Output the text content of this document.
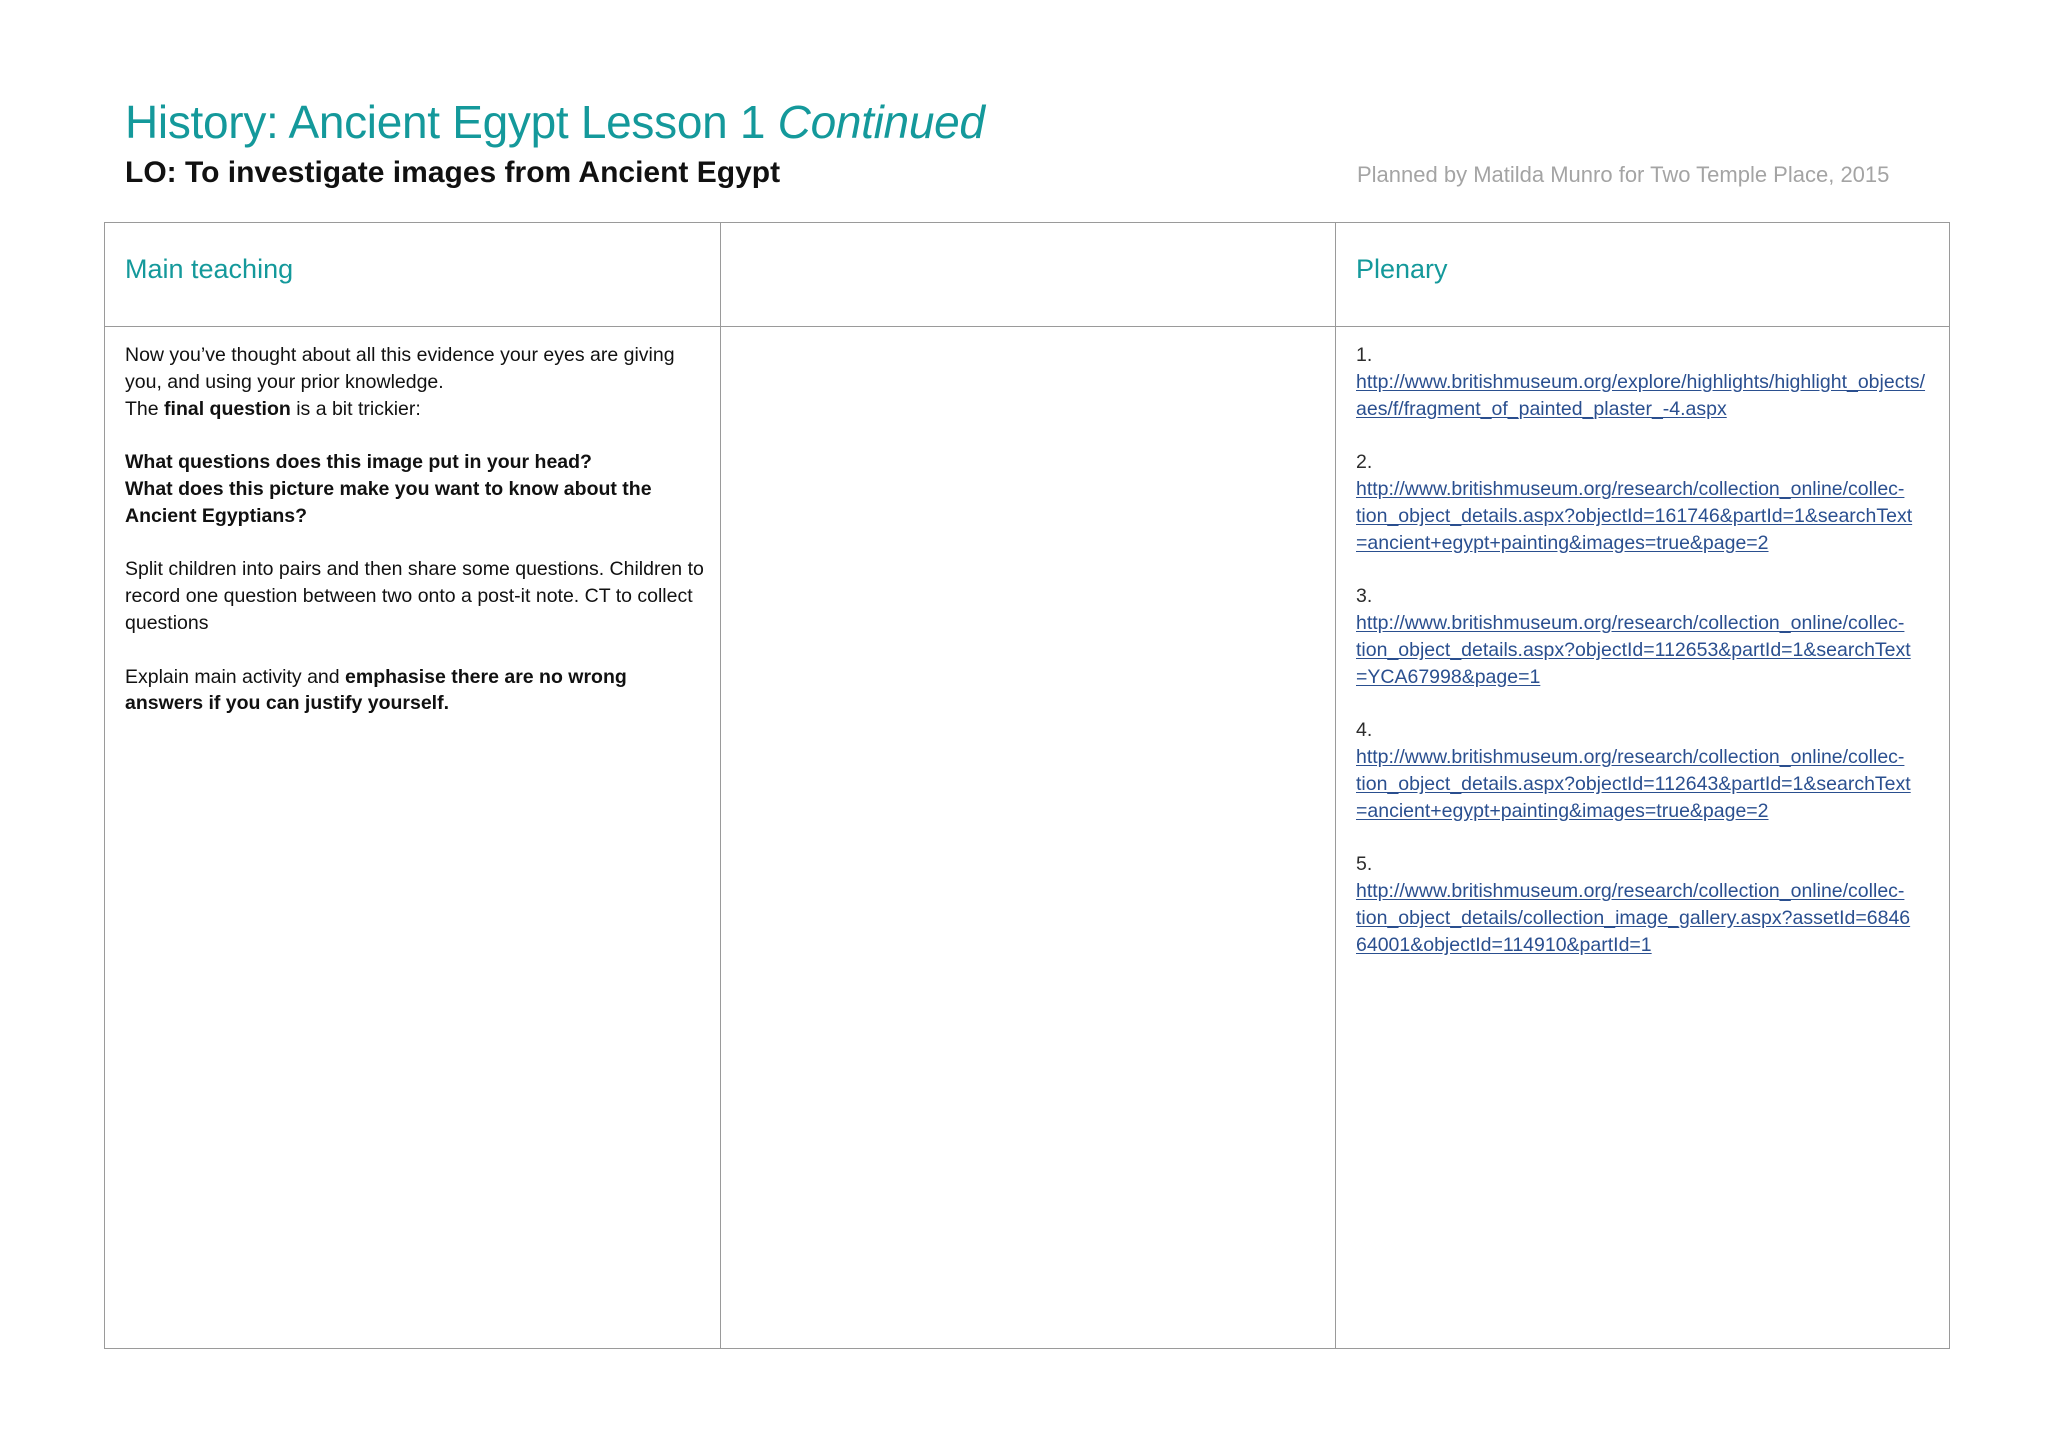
History: Ancient Egypt Lesson 1 Continued
LO: To investigate images from Ancient Egypt	Planned by Matilda Munro for Two Temple Place, 2015
Main teaching	Plenary

Now you’ve thought about all this evidence your eyes are giving you, and using your prior knowledge.
The final question is a bit trickier:

What questions does this image put in your head?
What does this picture make you want to know about the Ancient Egyptians?

Split children into pairs and then share some questions. Children to record one question between two onto a post-it note. CT to collect questions

Explain main activity and emphasise there are no wrong answers if you can justify yourself.

1.
http://www.britishmuseum.org/explore/highlights/highlight_objects/
aes/f/fragment_of_painted_plaster_-4.aspx
2.
http://www.britishmuseum.org/research/collection_online/collec-
tion_object_details.aspx?objectId=161746&partId=1&searchText
=ancient+egypt+painting&images=true&page=2
3.
http://www.britishmuseum.org/research/collection_online/collec-
tion_object_details.aspx?objectId=112653&partId=1&searchText
=YCA67998&page=1
4.
http://www.britishmuseum.org/research/collection_online/collec-
tion_object_details.aspx?objectId=112643&partId=1&searchText
=ancient+egypt+painting&images=true&page=2
5.
http://www.britishmuseum.org/research/collection_online/collec-
tion_object_details/collection_image_gallery.aspx?assetId=6846
64001&objectId=114910&partId=1
